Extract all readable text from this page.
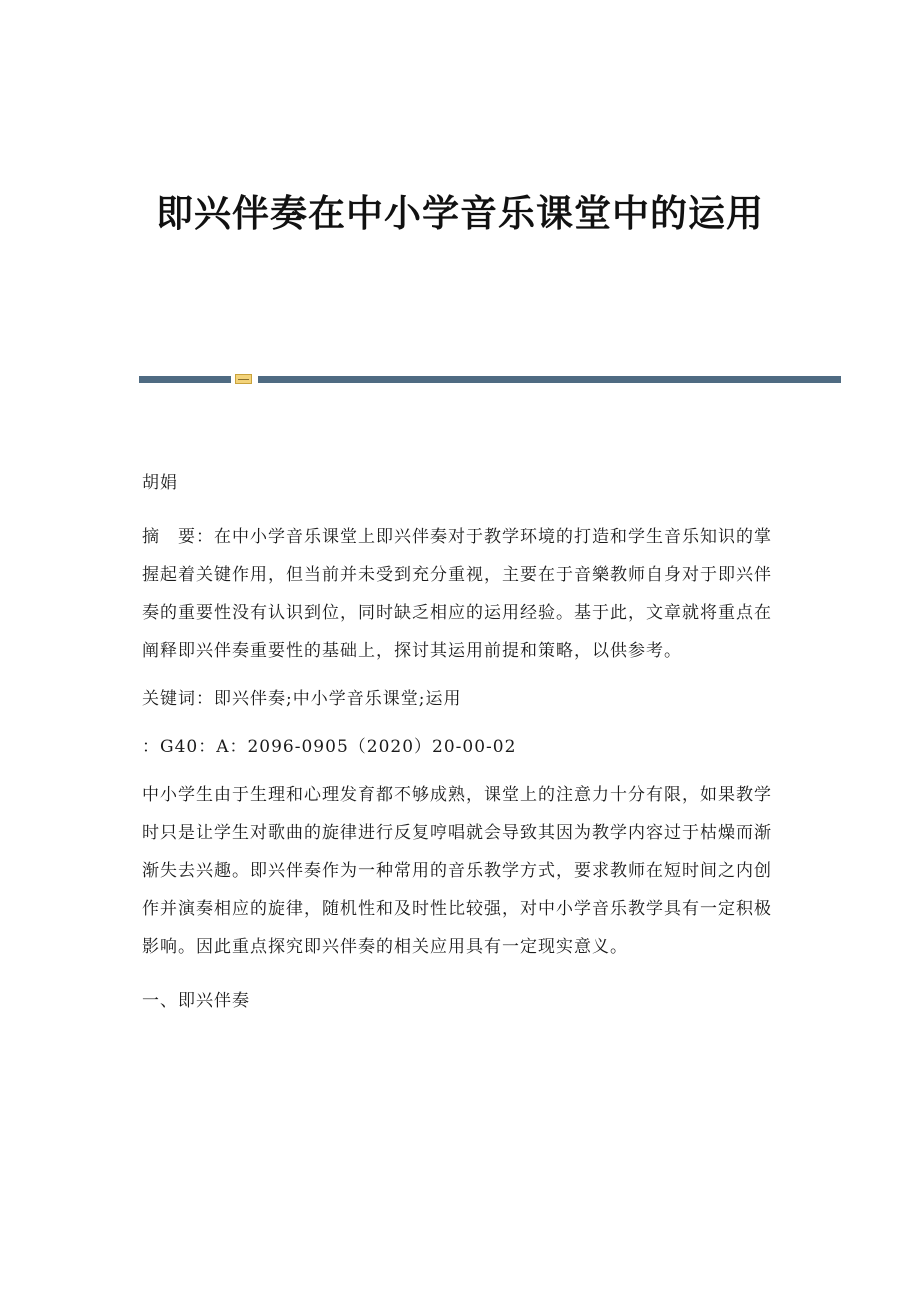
即兴伴奏在中小学音乐课堂中的运用

胡娟

摘　要：在中小学音乐课堂上即兴伴奏对于教学环境的打造和学生音乐知识的掌握起着关键作用，但当前并未受到充分重视，主要在于音樂教师自身对于即兴伴奏的重要性没有认识到位，同时缺乏相应的运用经验。基于此，文章就将重点在阐释即兴伴奏重要性的基础上，探讨其运用前提和策略，以供参考。

关键词：即兴伴奏;中小学音乐课堂;运用

：G40：A：2096-0905（2020）20-00-02

中小学生由于生理和心理发育都不够成熟，课堂上的注意力十分有限，如果教学时只是让学生对歌曲的旋律进行反复哼唱就会导致其因为教学内容过于枯燥而渐渐失去兴趣。即兴伴奏作为一种常用的音乐教学方式，要求教师在短时间之内创作并演奏相应的旋律，随机性和及时性比较强，对中小学音乐教学具有一定积极影响。因此重点探究即兴伴奏的相关应用具有一定现实意义。

一、即兴伴奏
